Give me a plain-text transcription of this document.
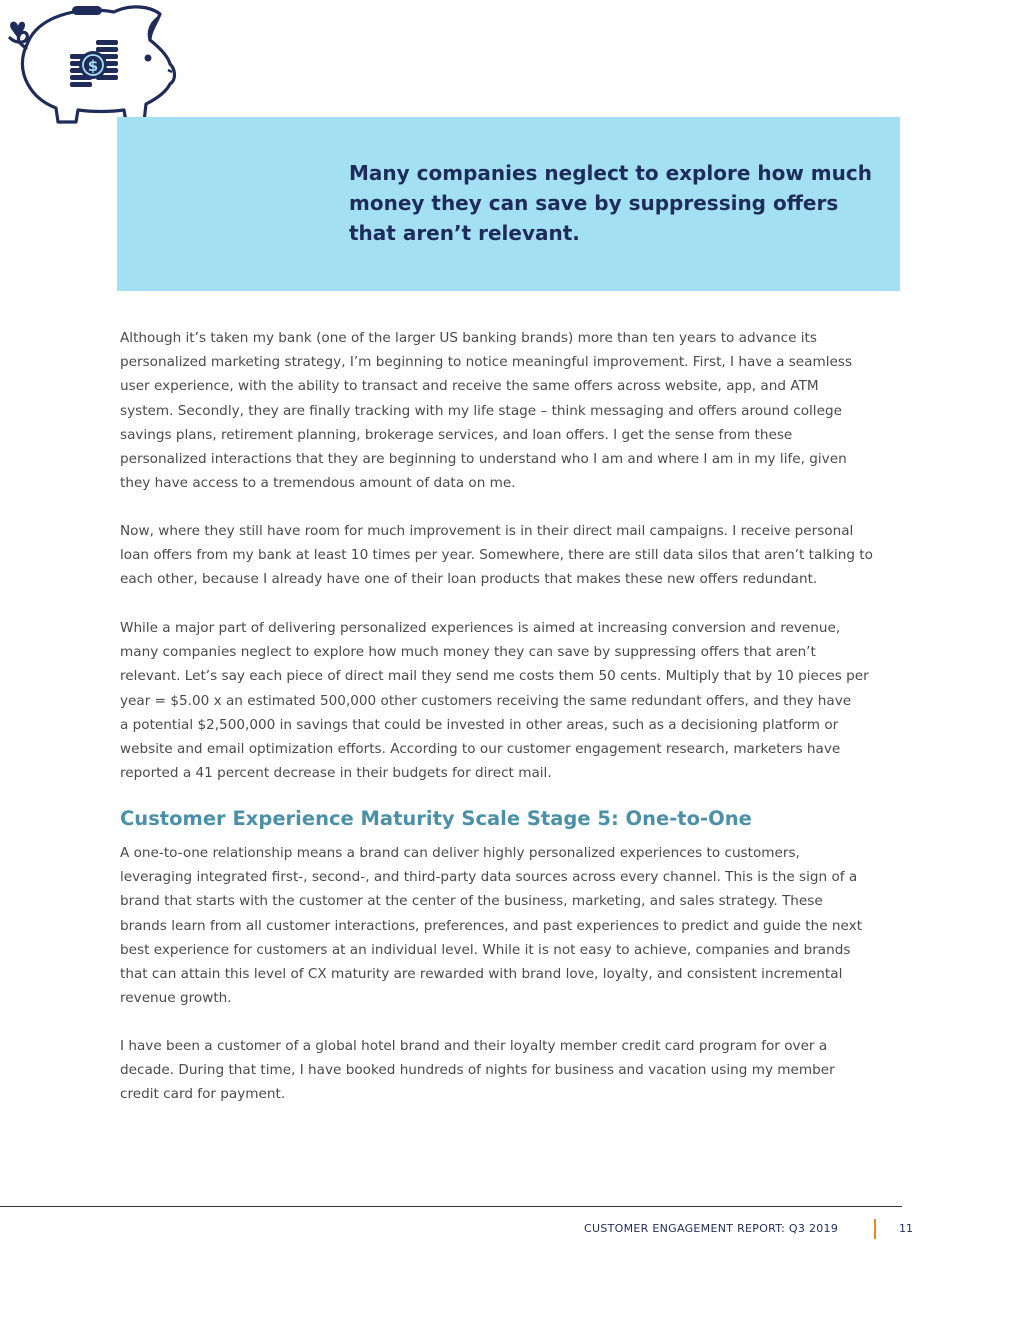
$
Many companies neglect to explore how much
money they can save by suppressing offers
that aren’t relevant.

Although it’s taken my bank (one of the larger US banking brands) more than ten years to advance its
personalized marketing strategy, I’m beginning to notice meaningful improvement. First, I have a seamless
user experience, with the ability to transact and receive the same offers across website, app, and ATM
system. Secondly, they are finally tracking with my life stage – think messaging and offers around college
savings plans, retirement planning, brokerage services, and loan offers. I get the sense from these
personalized interactions that they are beginning to understand who I am and where I am in my life, given
they have access to a tremendous amount of data on me.

Now, where they still have room for much improvement is in their direct mail campaigns. I receive personal
loan offers from my bank at least 10 times per year. Somewhere, there are still data silos that aren’t talking to
each other, because I already have one of their loan products that makes these new offers redundant.

While a major part of delivering personalized experiences is aimed at increasing conversion and revenue,
many companies neglect to explore how much money they can save by suppressing offers that aren’t
relevant. Let’s say each piece of direct mail they send me costs them 50 cents. Multiply that by 10 pieces per
year = $5.00 x an estimated 500,000 other customers receiving the same redundant offers, and they have
a potential $2,500,000 in savings that could be invested in other areas, such as a decisioning platform or
website and email optimization efforts. According to our customer engagement research, marketers have
reported a 41 percent decrease in their budgets for direct mail.

Customer Experience Maturity Scale Stage 5: One-to-One

A one-to-one relationship means a brand can deliver highly personalized experiences to customers,
leveraging integrated first-, second-, and third-party data sources across every channel. This is the sign of a
brand that starts with the customer at the center of the business, marketing, and sales strategy. These
brands learn from all customer interactions, preferences, and past experiences to predict and guide the next
best experience for customers at an individual level. While it is not easy to achieve, companies and brands
that can attain this level of CX maturity are rewarded with brand love, loyalty, and consistent incremental
revenue growth.

I have been a customer of a global hotel brand and their loyalty member credit card program for over a
decade. During that time, I have booked hundreds of nights for business and vacation using my member
credit card for payment.

CUSTOMER ENGAGEMENT REPORT: Q3 2019	11
